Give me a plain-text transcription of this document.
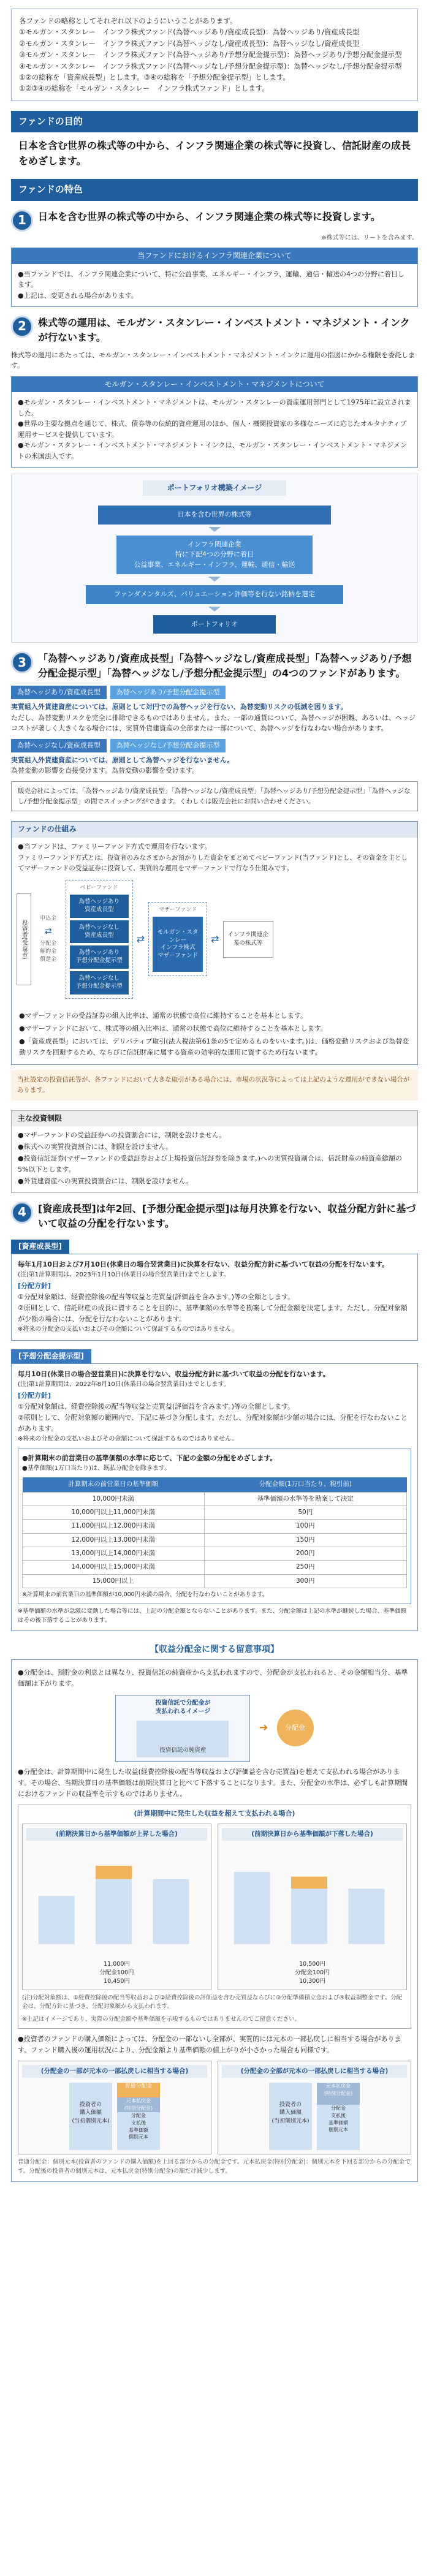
各ファンドの略称としてそれぞれ以下のようにいうことがあります。

①モルガン・スタンレー　インフラ株式ファンド(為替ヘッジあり/資産成長型)：為替ヘッジあり/資産成長型

②モルガン・スタンレー　インフラ株式ファンド(為替ヘッジなし/資産成長型)：為替ヘッジなし/資産成長型

③モルガン・スタンレー　インフラ株式ファンド(為替ヘッジあり/予想分配金提示型)：為替ヘッジあり/予想分配金提示型

④モルガン・スタンレー　インフラ株式ファンド(為替ヘッジなし/予想分配金提示型)：為替ヘッジなし/予想分配金提示型

①②の総称を「資産成長型」とします。③④の総称を「予想分配金提示型」とします。

①②③④の総称を「モルガン・スタンレー　インフラ株式ファンド」とします。

ファンドの目的
日本を含む世界の株式等の中から、インフラ関連企業の株式等に投資し、信託財産の成長をめざします。
ファンドの特色
1	日本を含む世界の株式等の中から、インフラ関連企業の株式等に投資します。
※株式等には、リートを含みます。
当ファンドにおけるインフラ関連企業について

●当ファンドでは、インフラ関連企業について、特に公益事業、エネルギー・インフラ、運輸、通信・輸送の4つの分野に着目します。

●上記は、変更される場合があります。

2	株式等の運用は、モルガン・スタンレー・インベストメント・マネジメント・インクが行ないます。
株式等の運用にあたっては、モルガン・スタンレー・インベストメント・マネジメント・インクに運用の指図にかかる権限を委託します。
モルガン・スタンレー・インベストメント・マネジメントについて

●モルガン・スタンレー・インベストメント・マネジメントは、モルガン・スタンレーの資産運用部門として1975年に設立されました。

●世界の主要な拠点を通じて、株式、債券等の伝統的資産運用のほか、個人・機関投資家の多様なニーズに応じたオルタナティブ運用サービスを提供しています。

●モルガン・スタンレー・インベストメント・マネジメント・インクは、モルガン・スタンレー・インベストメント・マネジメントの米国法人です。

ポートフォリオ構築イメージ
日本を含む世界の株式等
インフラ関連企業
特に下記4つの分野に着目
公益事業、エネルギー・インフラ、運輸、通信・輸送
ファンダメンタルズ、バリュエーション評価等を行ない銘柄を選定
ポートフォリオ
3	「為替ヘッジあり/資産成長型」「為替ヘッジなし/資産成長型」「為替ヘッジあり/予想分配金提示型」「為替ヘッジなし/予想分配金提示型」の4つのファンドがあります。
為替ヘッジあり/資産成長型	為替ヘッジあり/予想分配金提示型
実質組入外貨建資産については、原則として対円での為替ヘッジを行ない、為替変動リスクの低減を図ります。

ただし、為替変動リスクを完全に排除できるものではありません。また、一部の通貨について、為替ヘッジが困難、あるいは、ヘッジコストが著しく大きくなる場合には、実質外貨建資産の全部または一部について、為替ヘッジを行なわない場合があります。

為替ヘッジなし/資産成長型	為替ヘッジなし/予想分配金提示型
実質組入外貨建資産については、原則として為替ヘッジを行ないません。

為替変動の影響を直接受けます。為替変動の影響を受けます。

販売会社によっては、「為替ヘッジあり/資産成長型」「為替ヘッジなし/資産成長型」「為替ヘッジあり/予想分配金提示型」「為替ヘッジなし/予想分配金提示型」の間でスイッチングができます。くわしくは販売会社にお問い合わせください。
ファンドの仕組み
●当ファンドは、ファミリーファンド方式で運用を行ないます。
ファミリーファンド方式とは、投資者のみなさまからお預かりした資金をまとめてベビーファンド(当ファンド)とし、その資金を主としてマザーファンドの受益証券に投資して、実質的な運用をマザーファンドで行なう仕組みです。
投資者(受益者)
申込金
⇄
分配金
解約金
償還金
ベビーファンド
為替ヘッジあり
資産成長型
為替ヘッジなし
資産成長型
為替ヘッジあり
予想分配金提示型
為替ヘッジなし
予想分配金提示型
⇄
マザーファンド
モルガン・スタンレー
インフラ株式
マザーファンド
⇄	インフラ関連企業の株式等

●マザーファンドの受益証券の組入比率は、通常の状態で高位に維持することを基本とします。

●マザーファンドにおいて、株式等の組入比率は、通常の状態で高位に維持することを基本とします。

●「資産成長型」においては、デリバティブ取引(法人税法第61条の5で定めるものをいいます。)は、価格変動リスクおよび為替変動リスクを回避するため、ならびに信託財産に属する資産の効率的な運用に資するため行ないます。

当社設定の投資信託等が、各ファンドにおいて大きな取引がある場合には、市場の状況等によっては上記のような運用ができない場合があります。
主な投資制限

●マザーファンドの受益証券への投資割合には、制限を設けません。

●株式への実質投資割合には、制限を設けません。

●投資信託証券(マザーファンドの受益証券および上場投資信託証券を除きます。)への実質投資割合は、信託財産の純資産総額の5%以下とします。

●外貨建資産への実質投資割合には、制限を設けません。

4	[資産成長型]は年2回、[予想分配金提示型]は毎月決算を行ない、収益分配方針に基づいて収益の分配を行ないます。
[資産成長型]

毎年1月10日および7月10日(休業日の場合翌営業日)に決算を行ない、収益分配方針に基づいて収益の分配を行ないます。

(注)第1計算期間は、2023年1月10日(休業日の場合翌営業日)までとします。

[分配方針]

①分配対象額は、経費控除後の配当等収益と売買益(評価益を含みます。)等の全額とします。

②原則として、信託財産の成長に資することを目的に、基準価額の水準等を勘案して分配金額を決定します。ただし、分配対象額が少額の場合には、分配を行なわないことがあります。

※将来の分配金の支払いおよびその金額について保証するものではありません。

[予想分配金提示型]

毎月10日(休業日の場合翌営業日)に決算を行ない、収益分配方針に基づいて収益の分配を行ないます。

(注)第1計算期間は、2022年8月10日(休業日の場合翌営業日)までとします。

[分配方針]

①分配対象額は、経費控除後の配当等収益と売買益(評価益を含みます。)等の全額とします。

②原則として、分配対象額の範囲内で、下記に基づき分配します。ただし、分配対象額が少額の場合には、分配を行なわないことがあります。

※将来の分配金の支払いおよびその金額について保証するものではありません。

●計算期末の前営業日の基準価額の水準に応じて、下記の金額の分配をめざします。

●基準価額(1万口当たり)は、既払分配金を除きます。

計算期末の前営業日の基準価額	分配金額(1万口当たり、税引前)
10,000円未満	基準価額の水準等を勘案して決定
10,000円以上11,000円未満	50円
11,000円以上12,000円未満	100円
12,000円以上13,000円未満	150円
13,000円以上14,000円未満	200円
14,000円以上15,000円未満	250円
15,000円以上	300円

※計算期末の前営業日の基準価額が10,000円未満の場合、分配を行なわないことがあります。

※基準価額の水準が急激に変動した場合等には、上記の分配金額とならないことがあります。また、分配金額は上記の水準が継続した場合、基準価額はその後下落することがあります。

【収益分配金に関する留意事項】

●分配金は、預貯金の利息とは異なり、投資信託の純資産から支払われますので、分配金が支払われると、その金額相当分、基準価額は下がります。

投資信託で分配金が
支払われるイメージ

投資信託の純資産
➜	分配金

●分配金は、計算期間中に発生した収益(経費控除後の配当等収益および評価益を含む売買益)を超えて支払われる場合があります。その場合、当期決算日の基準価額は前期決算日と比べて下落することになります。また、分配金の水準は、必ずしも計算期間におけるファンドの収益率を示すものではありません。

(計算期間中に発生した収益を超えて支払われる場合)

(前期決算日から基準価額が上昇した場合)

11,000円

分配金100円

10,450円

(前期決算日から基準価額が下落した場合)

10,500円

分配金100円

10,300円

(注)分配対象額は、①経費控除後の配当等収益および②経費控除後の評価益を含む売買益ならびに③分配準備積立金および④収益調整金です。分配金は、分配方針に基づき、分配対象額から支払われます。

※上記はイメージであり、実際の分配金額や基準価額を示唆するものではありませんのでご留意ください。

●投資者のファンドの購入価額によっては、分配金の一部ないし全部が、実質的には元本の一部払戻しに相当する場合があります。ファンド購入後の運用状況により、分配金額より基準価額の値上がりが小さかった場合も同様です。

(分配金の一部が元本の一部払戻しに相当する場合)
投資者の
購入価額
(当初個別元本)
普通分配金
元本払戻金
(特別分配金)
分配金
支払後
基準価額
個別元本
(分配金の全部が元本の一部払戻しに相当する場合)
投資者の
購入価額
(当初個別元本)
元本払戻金
(特別分配金)
分配金
支払後
基準価額
個別元本

普通分配金：個別元本(投資者のファンドの購入価額)を上回る部分からの分配金です。元本払戻金(特別分配金)：個別元本を下回る部分からの分配金です。分配後の投資者の個別元本は、元本払戻金(特別分配金)の額だけ減少します。
